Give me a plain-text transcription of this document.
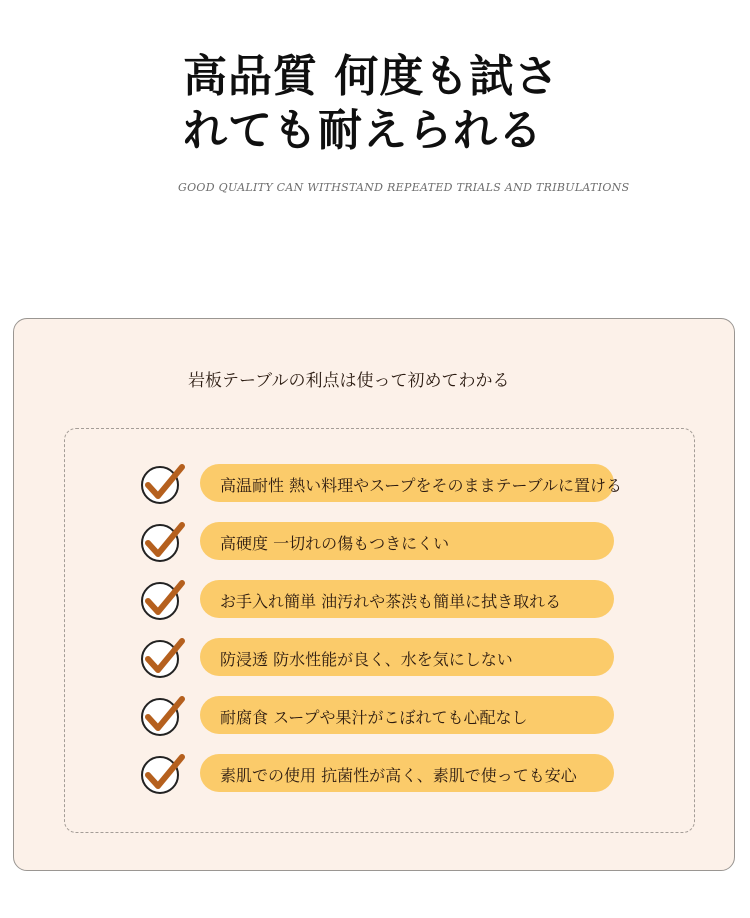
高品質 何度も試さ
れても耐えられる
GOOD QUALITY CAN WITHSTAND REPEATED TRIALS AND TRIBULATIONS
岩板テーブルの利点は使って初めてわかる
高温耐性 熱い料理やスープをそのままテーブルに置ける
高硬度 一切れの傷もつきにくい
お手入れ簡単 油汚れや茶渋も簡単に拭き取れる
防浸透 防水性能が良く、水を気にしない
耐腐食 スープや果汁がこぼれても心配なし
素肌での使用 抗菌性が高く、素肌で使っても安心
